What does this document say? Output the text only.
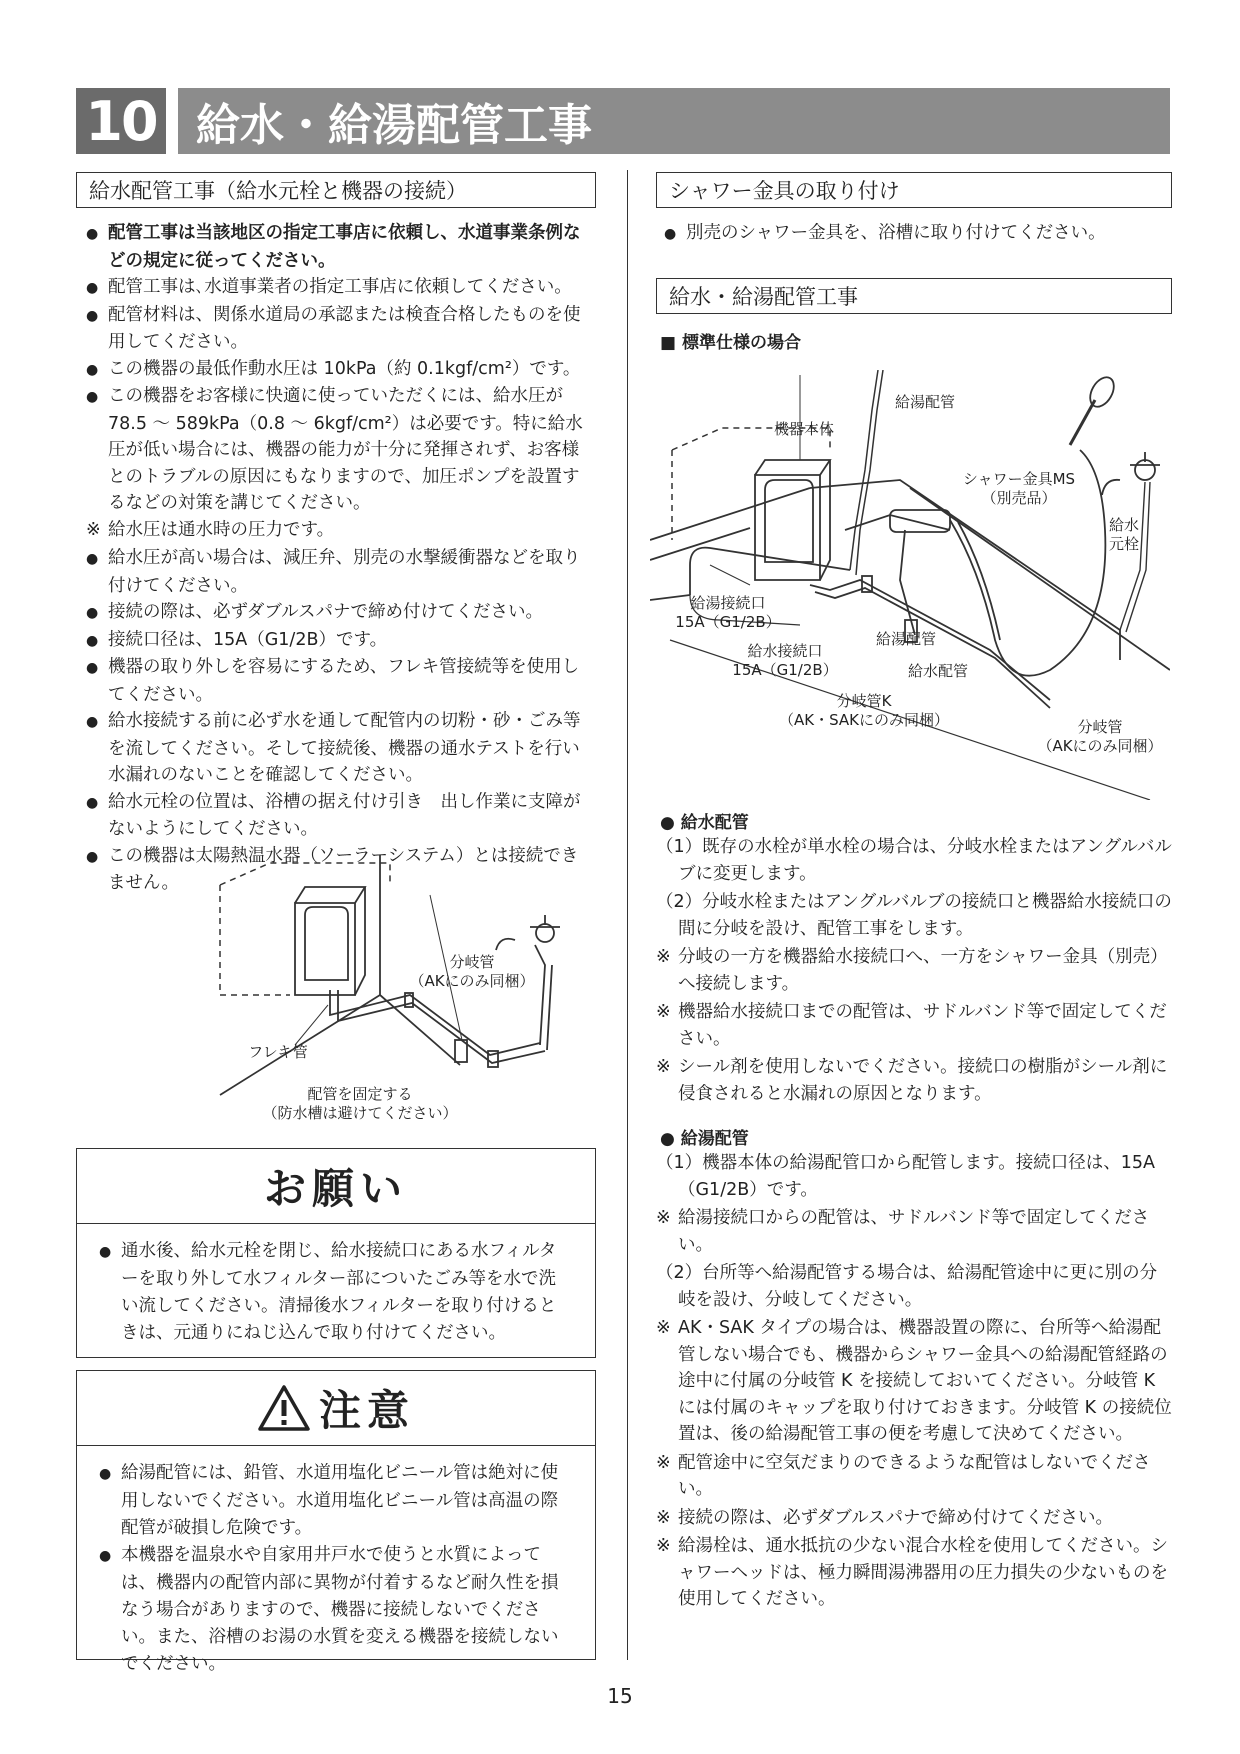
10 給水・給湯配管工事
給水配管工事（給水元栓と機器の接続）

● 配管工事は当該地区の指定工事店に依頼し、水道事業条例などの規定に従ってください。

● 配管工事は､水道事業者の指定工事店に依頼してください。

● 配管材料は、関係水道局の承認または検査合格したものを使用してください。

● この機器の最低作動水圧は 10kPa（約 0.1kgf/cm²）です。

● この機器をお客様に快適に使っていただくには、給水圧が 78.5 ～ 589kPa（0.8 ～ 6kgf/cm²）は必要です。特に給水圧が低い場合には、機器の能力が十分に発揮されず、お客様とのトラブルの原因にもなりますので、加圧ポンプを設置するなどの対策を講じてください。

※ 給水圧は通水時の圧力です。

● 給水圧が高い場合は、減圧弁、別売の水撃緩衝器などを取り付けてください。

● 接続の際は、必ずダブルスパナで締め付けてください。

● 接続口径は、15A（G1/2B）です。

● 機器の取り外しを容易にするため、フレキ管接続等を使用してください。

● 給水接続する前に必ず水を通して配管内の切粉・砂・ごみ等を流してください。そして接続後、機器の通水テストを行い水漏れのないことを確認してください。

● 給水元栓の位置は、浴槽の据え付け引き　出し作業に支障がないようにしてください。

● この機器は太陽熱温水器（ソーラーシステム）とは接続できません。

分岐管
（AKにのみ同梱）
フレキ管
配管を固定する
（防水槽は避けてください）
お願い

● 通水後、給水元栓を閉じ、給水接続口にある水フィルターを取り外して水フィルター部についたごみ等を水で洗い流してください。清掃後水フィルターを取り付けるときは、元通りにねじ込んで取り付けてください。

注意

● 給湯配管には、鉛管、水道用塩化ビニール管は絶対に使用しないでください。水道用塩化ビニール管は高温の際配管が破損し危険です。

● 本機器を温泉水や自家用井戸水で使うと水質によっては、機器内の配管内部に異物が付着するなど耐久性を損なう場合がありますので、機器に接続しないでください。また、浴槽のお湯の水質を変える機器を接続しないでください。

シャワー金具の取り付け

● 別売のシャワー金具を、浴槽に取り付けてください。

給水・給湯配管工事
■ 標準仕様の場合
給湯配管
機器本体
シャワー金具MS
（別売品）
給水
元栓
給湯接続口
15A（G1/2B）
給湯配管
給水接続口
15A（G1/2B）	給水配管
分岐管K
（AK・SAKにのみ同梱）	分岐管
（AKにのみ同梱）
● 給水配管

（1）既存の水栓が単水栓の場合は、分岐水栓またはアングルバルブに変更します。

（2）分岐水栓またはアングルバルブの接続口と機器給水接続口の間に分岐を設け、配管工事をします。

※ 分岐の一方を機器給水接続口へ、一方をシャワー金具（別売）へ接続します。

※ 機器給水接続口までの配管は、サドルバンド等で固定してください。

※ シール剤を使用しないでください。接続口の樹脂がシール剤に侵食されると水漏れの原因となります。

● 給湯配管

（1）機器本体の給湯配管口から配管します。接続口径は、15A（G1/2B）です。

※ 給湯接続口からの配管は、サドルバンド等で固定してください。

（2）台所等へ給湯配管する場合は、給湯配管途中に更に別の分岐を設け、分岐してください。

※ AK・SAK タイプの場合は、機器設置の際に、台所等へ給湯配管しない場合でも、機器からシャワー金具への給湯配管経路の途中に付属の分岐管 K を接続しておいてください。分岐管 K には付属のキャップを取り付けておきます。分岐管 K の接続位置は、後の給湯配管工事の便を考慮して決めてください。

※ 配管途中に空気だまりのできるような配管はしないでください。

※ 接続の際は、必ずダブルスパナで締め付けてください。

※ 給湯栓は、通水抵抗の少ない混合水栓を使用してください。シャワーヘッドは、極力瞬間湯沸器用の圧力損失の少ないものを使用してください。

15
